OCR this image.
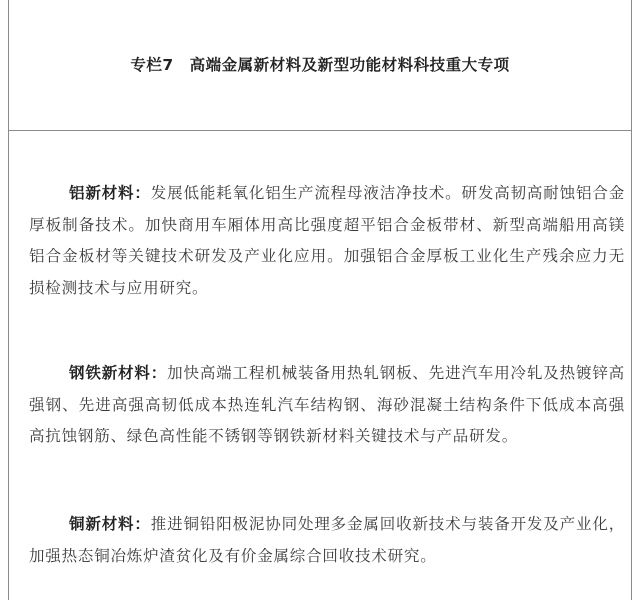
专栏7　高端金属新材料及新型功能材料科技重大专项

铝新材料：发展低能耗氧化铝生产流程母液洁净技术。研发高韧高耐蚀铝合金厚板制备技术。加快商用车厢体用高比强度超平铝合金板带材、新型高端船用高镁铝合金板材等关键技术研发及产业化应用。加强铝合金厚板工业化生产残余应力无损检测技术与应用研究。

钢铁新材料：加快高端工程机械装备用热轧钢板、先进汽车用冷轧及热镀锌高强钢、先进高强高韧低成本热连轧汽车结构钢、海砂混凝土结构条件下低成本高强高抗蚀钢筋、绿色高性能不锈钢等钢铁新材料关键技术与产品研发。

铜新材料：推进铜铅阳极泥协同处理多金属回收新技术与装备开发及产业化，加强热态铜冶炼炉渣贫化及有价金属综合回收技术研究。
